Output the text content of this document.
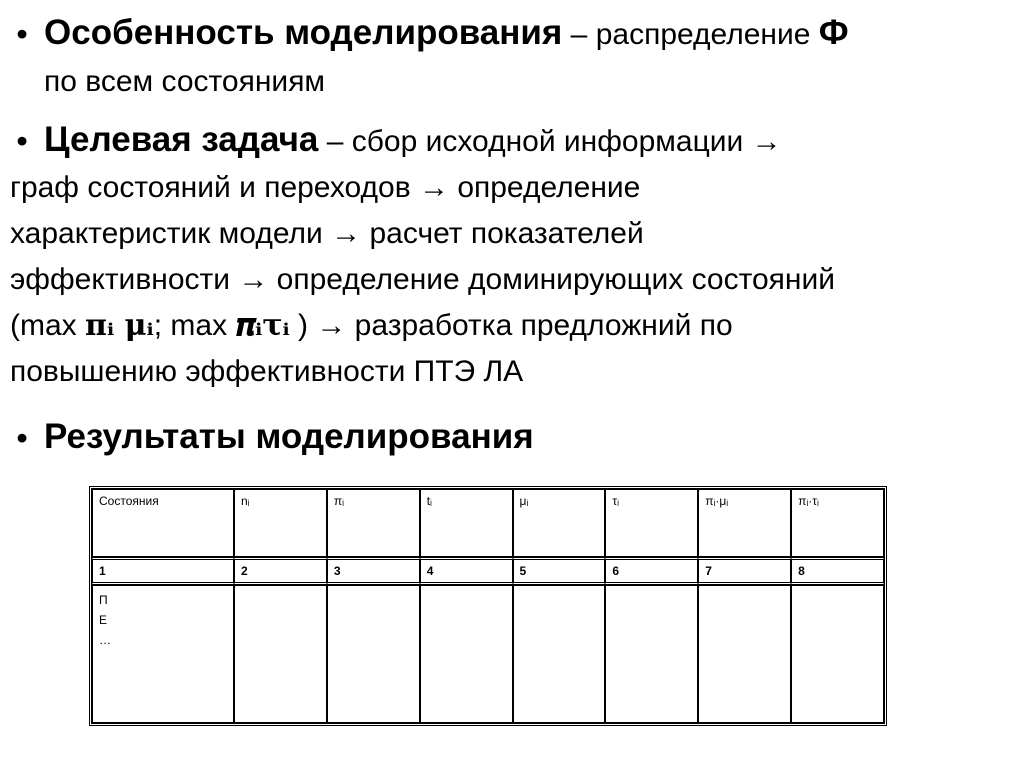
• Особенность моделирования – распределение Ф
по всем состояниям
• Целевая задача – сбор исходной информации →
граф состояний и переходов → определение
характеристик модели → расчет показателей
эффективности → определение доминирующих состояний
(max πᵢ μᵢ; max 𝝅ᵢ𝛕ᵢ ) → разработка предложний по
повышению эффективности ПТЭ ЛА
• Результаты моделирования
Состояния	nᵢ	πᵢ	tᵢ	μᵢ	τᵢ	πᵢ·μᵢ	πᵢ·τᵢ
1	2	3	4	5	6	7	8

П
Е
…							
